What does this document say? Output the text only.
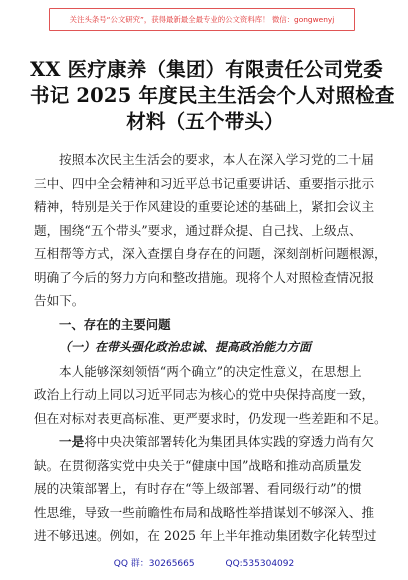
关注头条号“公文研究”，获得最新最全最专业的公文资料库！ 微信：gongwenyj
XX 医疗康养（集团）有限责任公司党委
书记 2025 年度民主生活会个人对照检查
材料（五个带头）
按照本次民主生活会的要求，本人在深入学习党的二十届
三中、四中全会精神和习近平总书记重要讲话、重要指示批示
精神，特别是关于作风建设的重要论述的基础上，紧扣会议主
题，围绕“五个带头”要求，通过群众提、自己找、上级点、
互相帮等方式，深入查摆自身存在的问题，深刻剖析问题根源，
明确了今后的努力方向和整改措施。现将个人对照检查情况报
告如下。
一、存在的主要问题
（一）在带头强化政治忠诚、提高政治能力方面
本人能够深刻领悟“两个确立”的决定性意义，在思想上
政治上行动上同以习近平同志为核心的党中央保持高度一致，
但在对标对表更高标准、更严要求时，仍发现一些差距和不足。
一是将中央决策部署转化为集团具体实践的穿透力尚有欠
缺。在贯彻落实党中央关于“健康中国”战略和推动高质量发
展的决策部署上，有时存在“等上级部署、看同级行动”的惯
性思维，导致一些前瞻性布局和战略性举措谋划不够深入、推
进不够迅速。例如，在 2025 年上半年推动集团数字化转型过
QQ 群：30265665	QQ:535304092
